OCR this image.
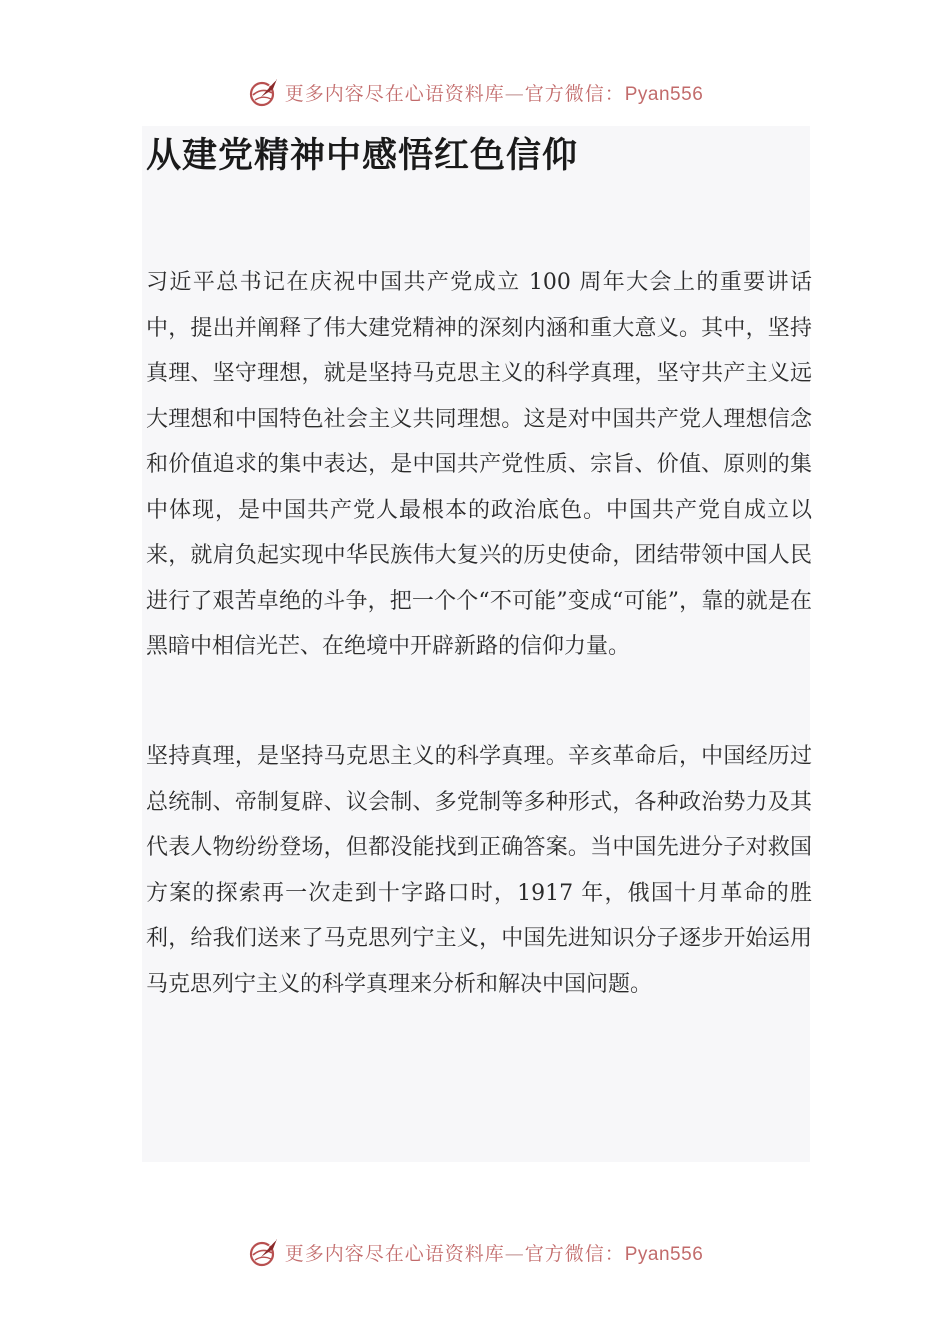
更多内容尽在心语资料库—官方微信：Pyan556
从建党精神中感悟红色信仰

习近平总书记在庆祝中国共产党成立 100 周年大会上的重要讲话中，提出并阐释了伟大建党精神的深刻内涵和重大意义。其中，坚持真理、坚守理想，就是坚持马克思主义的科学真理，坚守共产主义远大理想和中国特色社会主义共同理想。这是对中国共产党人理想信念和价值追求的集中表达，是中国共产党性质、宗旨、价值、原则的集中体现，是中国共产党人最根本的政治底色。中国共产党自成立以来，就肩负起实现中华民族伟大复兴的历史使命，团结带领中国人民进行了艰苦卓绝的斗争，把一个个“不可能”变成“可能”，靠的就是在黑暗中相信光芒、在绝境中开辟新路的信仰力量。

坚持真理，是坚持马克思主义的科学真理。辛亥革命后，中国经历过总统制、帝制复辟、议会制、多党制等多种形式，各种政治势力及其代表人物纷纷登场，但都没能找到正确答案。当中国先进分子对救国方案的探索再一次走到十字路口时，1917 年，俄国十月革命的胜利，给我们送来了马克思列宁主义，中国先进知识分子逐步开始运用马克思列宁主义的科学真理来分析和解决中国问题。

更多内容尽在心语资料库—官方微信：Pyan556
